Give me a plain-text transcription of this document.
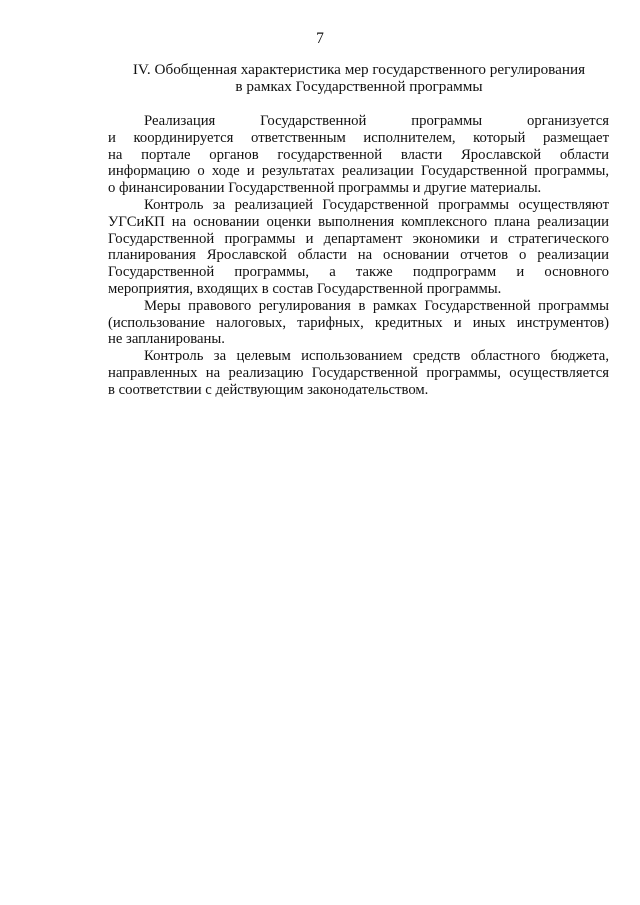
7
IV. Обобщенная характеристика мер государственного регулирования
в рамках Государственной программы
Реализация Государственной программы организуется
и координируется ответственным исполнителем, который размещает
на портале органов государственной власти Ярославской области
информацию о ходе и результатах реализации Государственной программы,
о финансировании Государственной программы и другие материалы.
Контроль за реализацией Государственной программы осуществляют
УГСиКП на основании оценки выполнения комплексного плана реализации
Государственной программы и департамент экономики и стратегического
планирования Ярославской области на основании отчетов о реализации
Государственной программы, а также подпрограмм и основного
мероприятия, входящих в состав Государственной программы.
Меры правового регулирования в рамках Государственной программы
(использование налоговых, тарифных, кредитных и иных инструментов)
не запланированы.
Контроль за целевым использованием средств областного бюджета,
направленных на реализацию Государственной программы, осуществляется
в соответствии с действующим законодательством.
